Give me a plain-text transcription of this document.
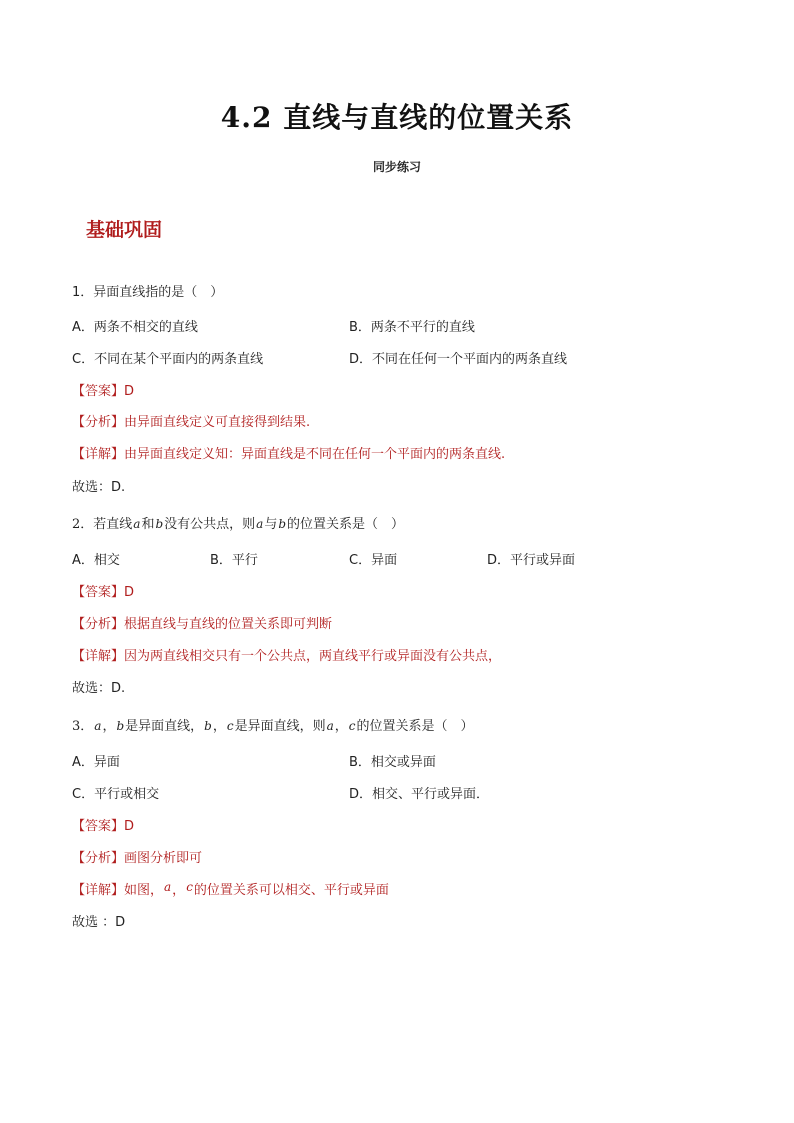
4.2 直线与直线的位置关系
同步练习
基础巩固
1．异面直线指的是（　）
A．两条不相交的直线	B．两条不平行的直线
C．不同在某个平面内的两条直线	D．不同在任何一个平面内的两条直线
【答案】D
【分析】由异面直线定义可直接得到结果.
【详解】由异面直线定义知：异面直线是不同在任何一个平面内的两条直线.
故选：D.
2．若直线a和b没有公共点，则a与b的位置关系是（　）
A．相交	B．平行	C．异面	D．平行或异面
【答案】D
【分析】根据直线与直线的位置关系即可判断
【详解】因为两直线相交只有一个公共点，两直线平行或异面没有公共点，
故选：D.
3．a，b是异面直线，b，c是异面直线，则a，c的位置关系是（　）
A．异面	B．相交或异面
C．平行或相交	D．相交、平行或异面．
【答案】D
【分析】画图分析即可
【详解】如图，a，c的位置关系可以相交、平行或异面
故选 ：D
